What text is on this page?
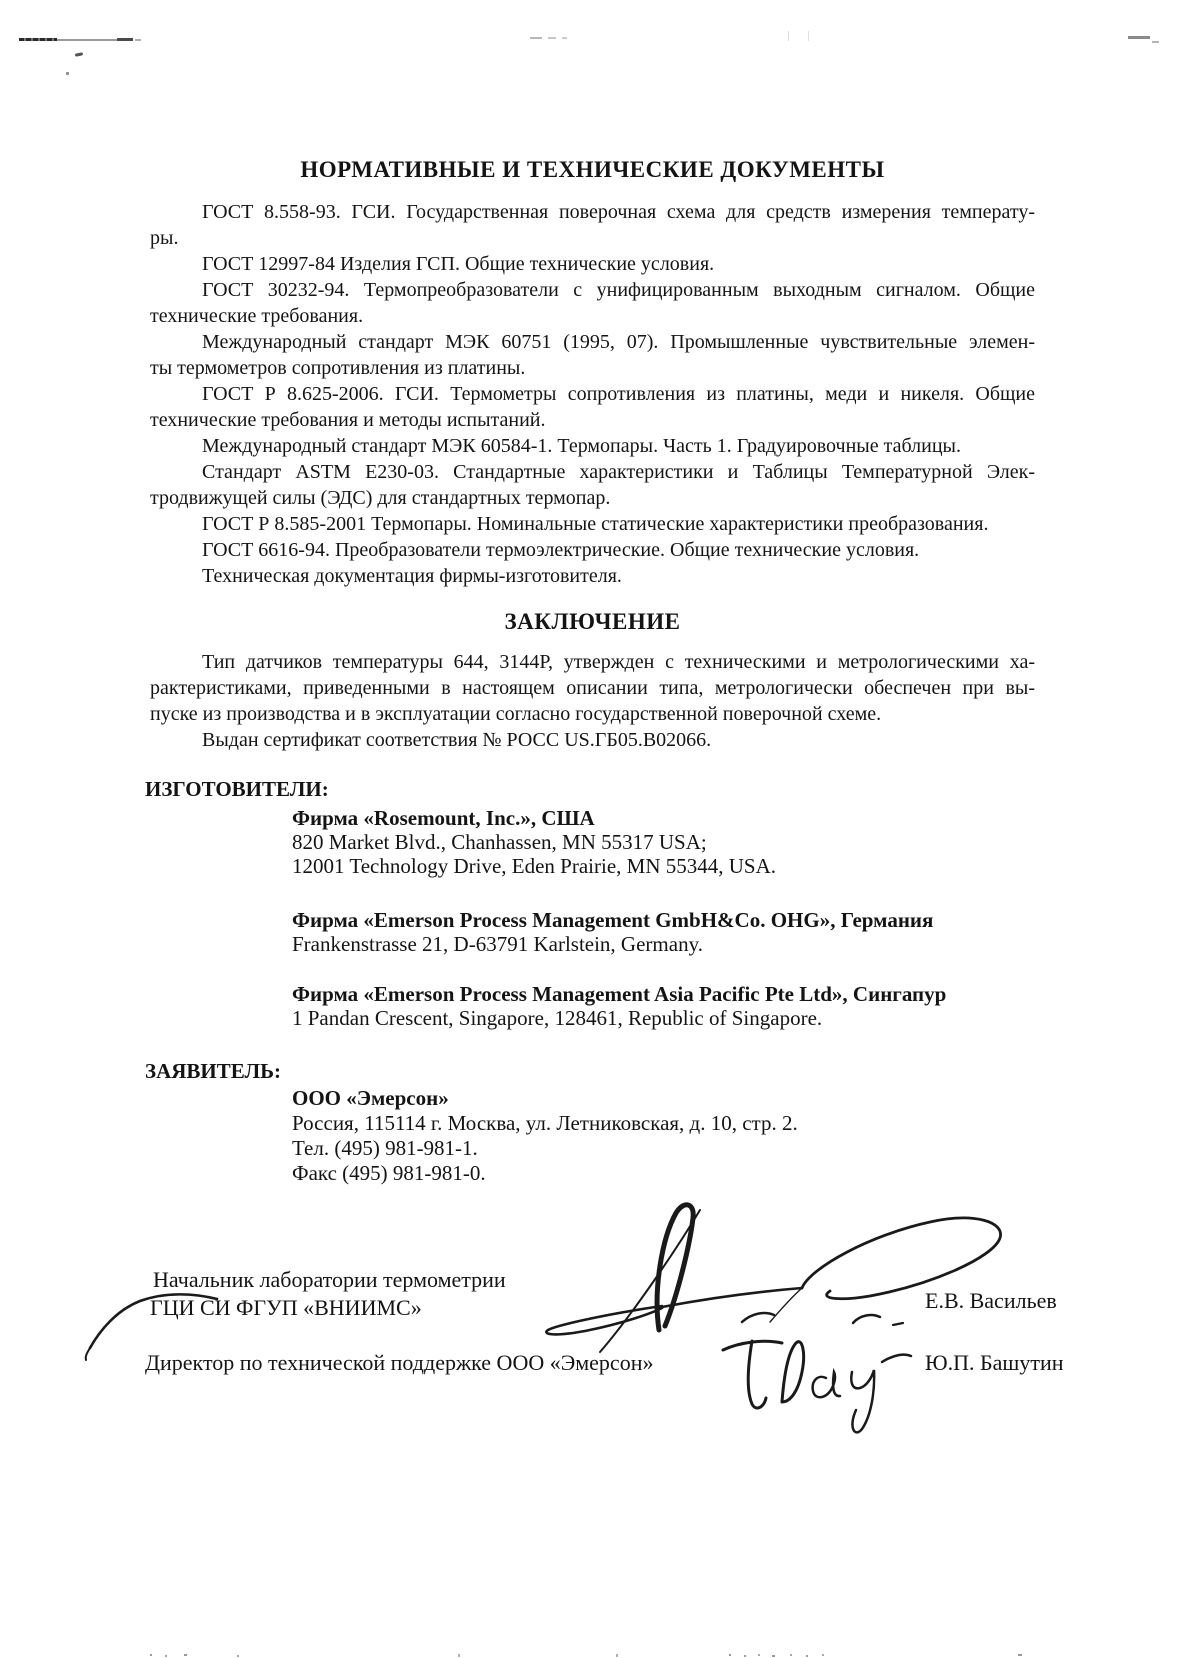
НОРМАТИВНЫЕ И ТЕХНИЧЕСКИЕ ДОКУМЕНТЫ
ГОСТ 8.558-93. ГСИ. Государственная поверочная схема для средств измерения температу-
ры.
ГОСТ 12997-84 Изделия ГСП. Общие технические условия.
ГОСТ 30232-94. Термопреобразователи с унифицированным выходным сигналом. Общие
технические требования.
Международный стандарт МЭК 60751 (1995, 07). Промышленные чувствительные элемен-
ты термометров сопротивления из платины.
ГОСТ Р 8.625-2006. ГСИ. Термометры сопротивления из платины, меди и никеля. Общие
технические требования и методы испытаний.
Международный стандарт МЭК 60584-1. Термопары. Часть 1. Градуировочные таблицы.
Стандарт ASTM Е230-03. Стандартные характеристики и Таблицы Температурной Элек-
тродвижущей силы (ЭДС) для стандартных термопар.
ГОСТ Р 8.585-2001 Термопары. Номинальные статические характеристики преобразования.
ГОСТ 6616-94. Преобразователи термоэлектрические. Общие технические условия.
Техническая документация фирмы-изготовителя.
ЗАКЛЮЧЕНИЕ
Тип датчиков температуры 644, 3144Р, утвержден с техническими и метрологическими ха-
рактеристиками, приведенными в настоящем описании типа, метрологически обеспечен при вы-
пуске из производства и в эксплуатации согласно государственной поверочной схеме.
Выдан сертификат соответствия № РОСС US.ГБ05.В02066.
ИЗГОТОВИТЕЛИ:
Фирма «Rosemount, Inc.», США
820 Market Blvd., Chanhassen, MN 55317 USA;
12001 Technology Drive, Eden Prairie, MN 55344, USA.
Фирма «Emerson Process Management GmbH&Co. OHG», Германия
Frankenstrasse 21, D-63791 Karlstein, Germany.
Фирма «Emerson Process Management Asia Pacific Pte Ltd», Сингапур
1 Pandan Crescent, Singapore, 128461, Republic of Singapore.
ЗАЯВИТЕЛЬ:
ООО «Эмерсон»
Россия, 115114 г. Москва, ул. Летниковская, д. 10, стр. 2.
Тел. (495) 981-981-1.
Факс (495) 981-981-0.
Начальник лаборатории термометрии
ГЦИ СИ ФГУП «ВНИИМС»	Е.В. Васильев
Директор по технической поддержке ООО «Эмерсон»	Ю.П. Башутин
